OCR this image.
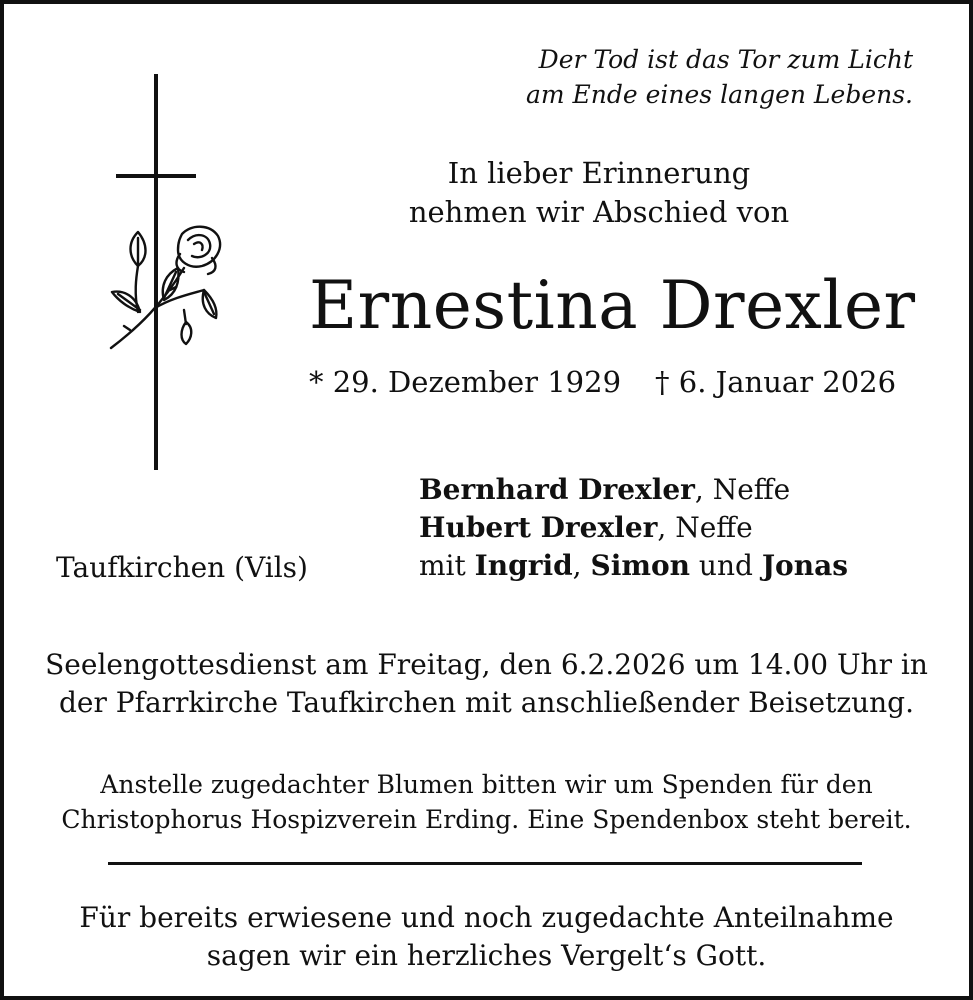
Der Tod ist das Tor zum Licht
am Ende eines langen Lebens.
In lieber Erinnerung
nehmen wir Abschied von
Ernestina Drexler
* 29. Dezember 1929 † 6. Januar 2026
Taufkirchen (Vils)
Bernhard Drexler, Neffe
Hubert Drexler, Neffe
mit Ingrid, Simon und Jonas
Seelengottesdienst am Freitag, den 6.2.2026 um 14.00 Uhr in
der Pfarrkirche Taufkirchen mit anschließender Beisetzung.
Anstelle zugedachter Blumen bitten wir um Spenden für den
Christophorus Hospizverein Erding. Eine Spendenbox steht bereit.
Für bereits erwiesene und noch zugedachte Anteilnahme
sagen wir ein herzliches Vergelt‘s Gott.
